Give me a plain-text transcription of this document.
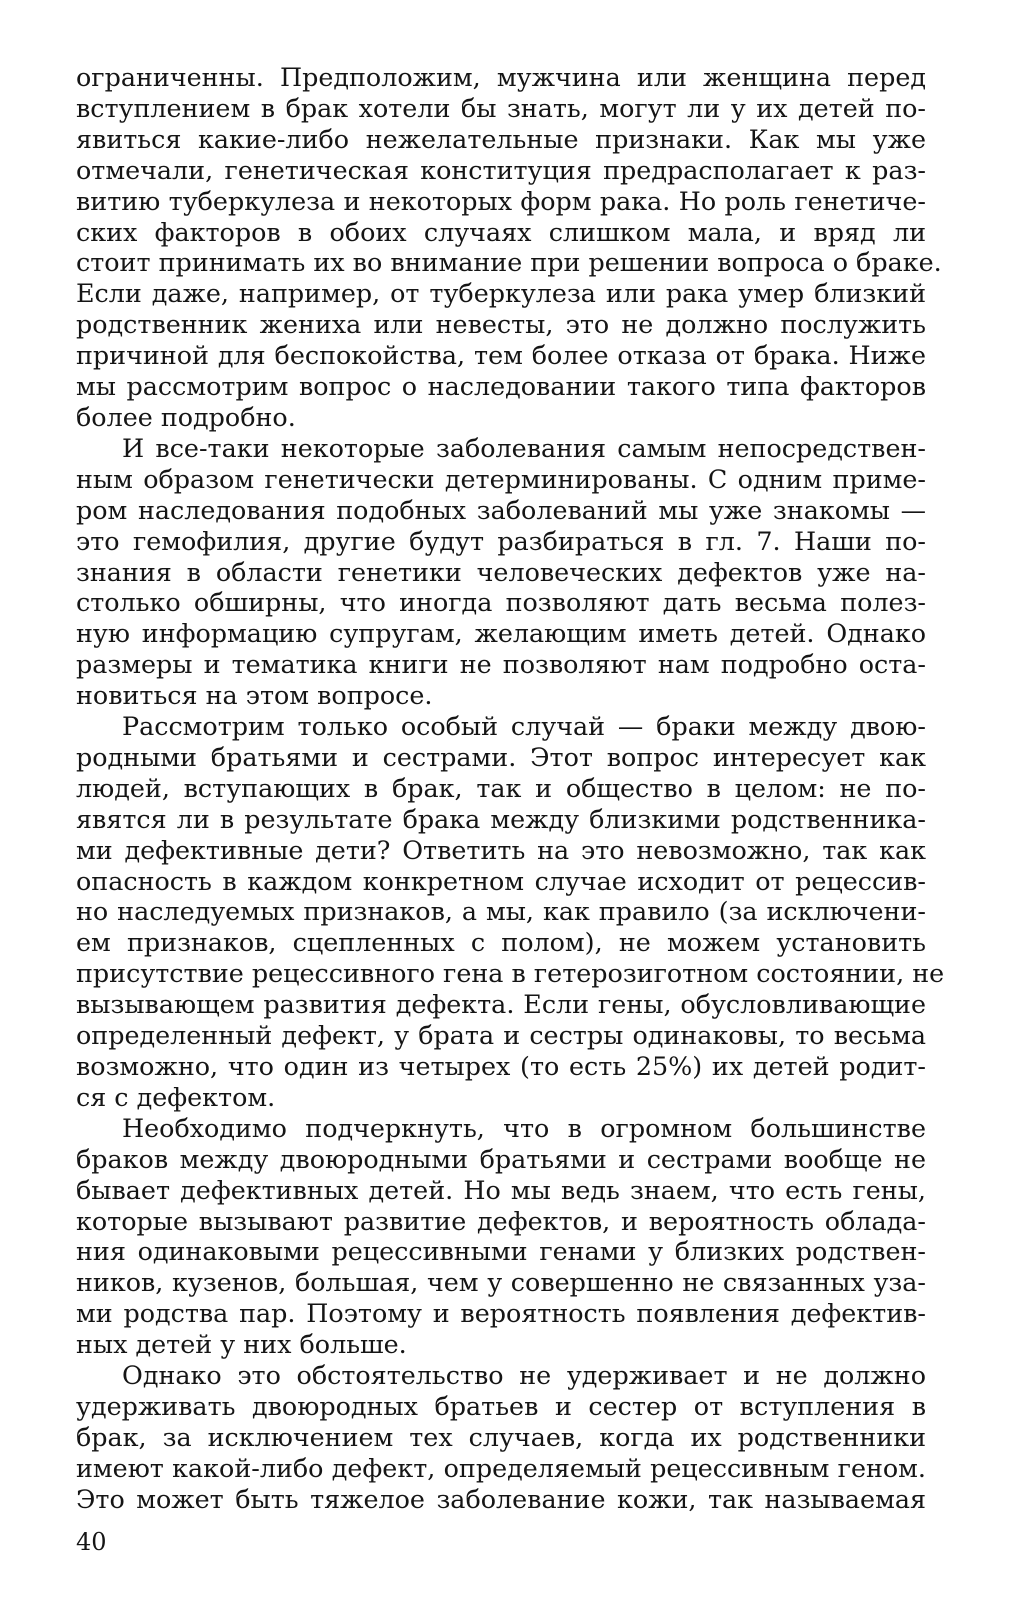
ограниченны. Предположим, мужчина или женщина перед
вступлением в брак хотели бы знать, могут ли у их детей по-
явиться какие-либо нежелательные признаки. Как мы уже
отмечали, генетическая конституция предрасполагает к раз-
витию туберкулеза и некоторых форм рака. Но роль генетиче-
ских факторов в обоих случаях слишком мала, и вряд ли
стоит принимать их во внимание при решении вопроса о браке.
Если даже, например, от туберкулеза или рака умер близкий
родственник жениха или невесты, это не должно послужить
причиной для беспокойства, тем более отказа от брака. Ниже
мы рассмотрим вопрос о наследовании такого типа факторов
более подробно.

И все-таки некоторые заболевания самым непосредствен-
ным образом генетически детерминированы. С одним приме-
ром наследования подобных заболеваний мы уже знакомы —
это гемофилия, другие будут разбираться в гл. 7. Наши по-
знания в области генетики человеческих дефектов уже на-
столько обширны, что иногда позволяют дать весьма полез-
ную информацию супругам, желающим иметь детей. Однако
размеры и тематика книги не позволяют нам подробно оста-
новиться на этом вопросе.

Рассмотрим только особый случай — браки между двою-
родными братьями и сестрами. Этот вопрос интересует как
людей, вступающих в брак, так и общество в целом: не по-
явятся ли в результате брака между близкими родственника-
ми дефективные дети? Ответить на это невозможно, так как
опасность в каждом конкретном случае исходит от рецессив-
но наследуемых признаков, а мы, как правило (за исключени-
ем признаков, сцепленных с полом), не можем установить
присутствие рецессивного гена в гетерозиготном состоянии, не
вызывающем развития дефекта. Если гены, обусловливающие
определенный дефект, у брата и сестры одинаковы, то весьма
возможно, что один из четырех (то есть 25%) их детей родит-
ся с дефектом.

Необходимо подчеркнуть, что в огромном большинстве
браков между двоюродными братьями и сестрами вообще не
бывает дефективных детей. Но мы ведь знаем, что есть гены,
которые вызывают развитие дефектов, и вероятность облада-
ния одинаковыми рецессивными генами у близких родствен-
ников, кузенов, большая, чем у совершенно не связанных уза-
ми родства пар. Поэтому и вероятность появления дефектив-
ных детей у них больше.

Однако это обстоятельство не удерживает и не должно
удерживать двоюродных братьев и сестер от вступления в
брак, за исключением тех случаев, когда их родственники
имеют какой-либо дефект, определяемый рецессивным геном.
Это может быть тяжелое заболевание кожи, так называемая

40
